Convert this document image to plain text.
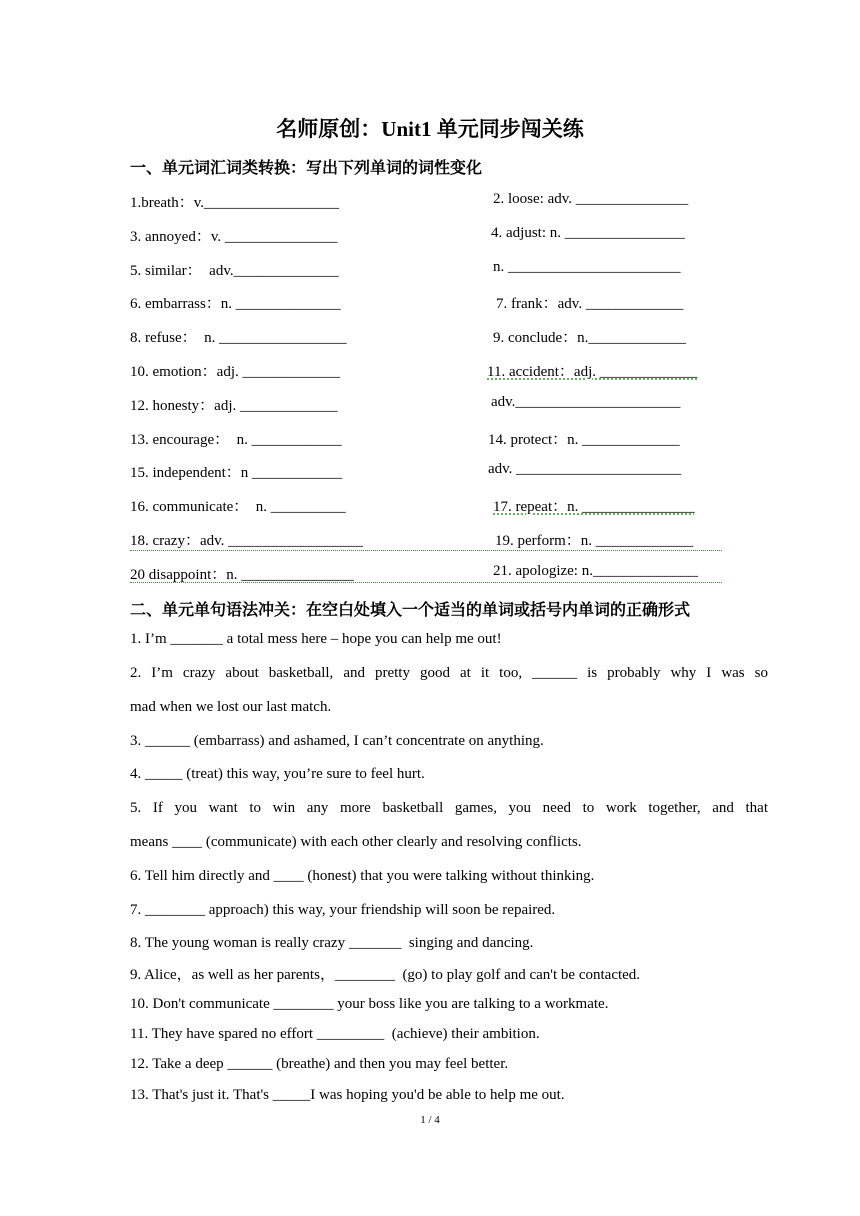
名师原创：Unit1 单元同步闯关练
一、单元词汇词类转换：写出下列单词的词性变化
1.breath：v.__________________	2. loose: adv. _______________
3. annoyed：v. _______________	4. adjust: n. ________________
5. similar：  adv.______________	n. _______________________
6. embarrass：n. ______________	7. frank：adv. _____________
8. refuse：  n. _________________	9. conclude：n._____________
10. emotion：adj. _____________	11. accident：adj. _____________
12. honesty：adj. _____________	adv.______________________
13. encourage：  n. ____________	14. protect：n. _____________
15. independent：n ____________	adv. ______________________
16. communicate：  n. __________	17. repeat：n. _______________
18. crazy：adv. __________________	19. perform：n. _____________
20 disappoint：n. _______________	21. apologize: n.______________
二、单元单句语法冲关：在空白处填入一个适当的单词或括号内单词的正确形式
1. I’m _______ a total mess here – hope you can help me out!
2. I’m crazy about basketball, and pretty good at it too, ______ is probably why I was so
mad when we lost our last match.
3. ______ (embarrass) and ashamed, I can’t concentrate on anything.
4. _____ (treat) this way, you’re sure to feel hurt.
5. If you want to win any more basketball games, you need to work together, and that
means ____ (communicate) with each other clearly and resolving conflicts.
6. Tell him directly and ____ (honest) that you were talking without thinking.
7. ________ approach) this way, your friendship will soon be repaired.
8. The young woman is really crazy _______  singing and dancing.
9. Alice，as well as her parents，________  (go) to play golf and can't be contacted.
10. Don't communicate ________ your boss like you are talking to a workmate.
11. They have spared no effort _________  (achieve) their ambition.
12. Take a deep ______ (breathe) and then you may feel better.
13. That's just it. That's _____I was hoping you'd be able to help me out.
1 / 4
